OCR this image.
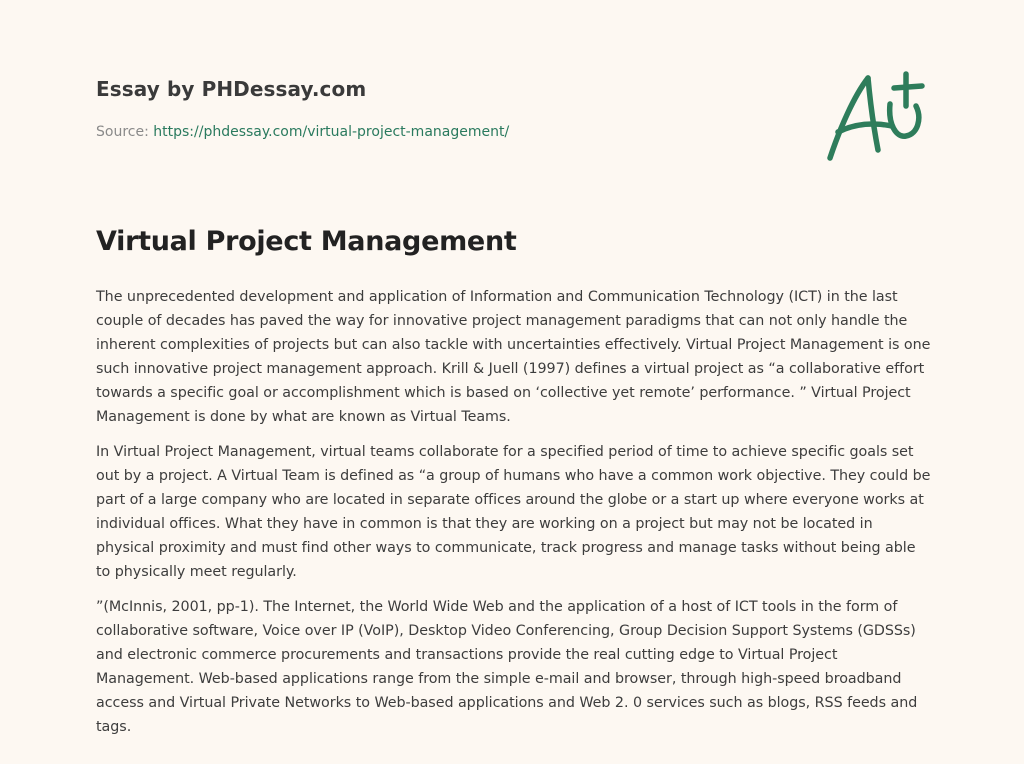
Essay by PHDessay.com
Source: https://phdessay.com/virtual-project-management/
Virtual Project Management

The unprecedented development and application of Information and Communication Technology (ICT) in the last couple of decades has paved the way for innovative project management paradigms that can not only handle the inherent complexities of projects but can also tackle with uncertainties effectively. Virtual Project Management is one such innovative project management approach. Krill & Juell (1997) defines a virtual project as “a collaborative effort towards a specific goal or accomplishment which is based on ‘collective yet remote’ performance. ” Virtual Project Management is done by what are known as Virtual Teams.

In Virtual Project Management, virtual teams collaborate for a specified period of time to achieve specific goals set out by a project. A Virtual Team is defined as “a group of humans who have a common work objective. They could be part of a large company who are located in separate offices around the globe or a start up where everyone works at individual offices. What they have in common is that they are working on a project but may not be located in physical proximity and must find other ways to communicate, track progress and manage tasks without being able to physically meet regularly.

”(McInnis, 2001, pp-1). The Internet, the World Wide Web and the application of a host of ICT tools in the form of collaborative software, Voice over IP (VoIP), Desktop Video Conferencing, Group Decision Support Systems (GDSSs) and electronic commerce procurements and transactions provide the real cutting edge to Virtual Project Management. Web-based applications range from the simple e-mail and browser, through high-speed broadband access and Virtual Private Networks to Web-based applications and Web 2. 0 services such as blogs, RSS feeds and tags.
